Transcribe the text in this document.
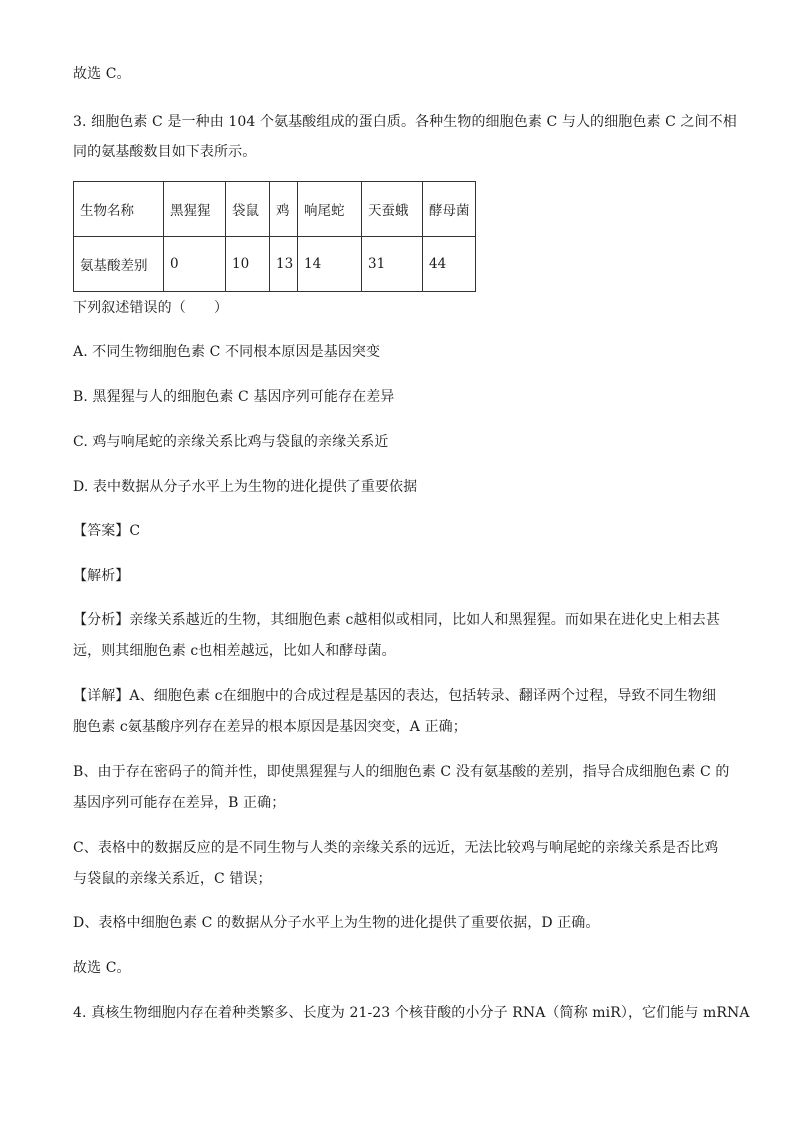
故选 C。
3. 细胞色素 C 是一种由 104 个氨基酸组成的蛋白质。各种生物的细胞色素 C 与人的细胞色素 C 之间不相
同的氨基酸数目如下表所示。
生物名称	黑猩猩	袋鼠	鸡	响尾蛇	天蚕蛾	酵母菌
氨基酸差别	0	10	13	14	31	44
下列叙述错误的（　　）
A. 不同生物细胞色素 C 不同根本原因是基因突变
B. 黑猩猩与人的细胞色素 C 基因序列可能存在差异
C. 鸡与响尾蛇的亲缘关系比鸡与袋鼠的亲缘关系近
D. 表中数据从分子水平上为生物的进化提供了重要依据
【答案】C
【解析】
【分析】亲缘关系越近的生物，其细胞色素 c越相似或相同，比如人和黑猩猩。而如果在进化史上相去甚
远，则其细胞色素 c也相差越远，比如人和酵母菌。
【详解】A、细胞色素 c在细胞中的合成过程是基因的表达，包括转录、翻译两个过程，导致不同生物细
胞色素 c氨基酸序列存在差异的根本原因是基因突变，A 正确；
B、由于存在密码子的简并性，即使黑猩猩与人的细胞色素 C 没有氨基酸的差别，指导合成细胞色素 C 的
基因序列可能存在差异，B 正确；
C、表格中的数据反应的是不同生物与人类的亲缘关系的远近，无法比较鸡与响尾蛇的亲缘关系是否比鸡
与袋鼠的亲缘关系近，C 错误；
D、表格中细胞色素 C 的数据从分子水平上为生物的进化提供了重要依据，D 正确。
故选 C。
4. 真核生物细胞内存在着种类繁多、长度为 21-23 个核苷酸的小分子 RNA（简称 miR），它们能与 mRNA
